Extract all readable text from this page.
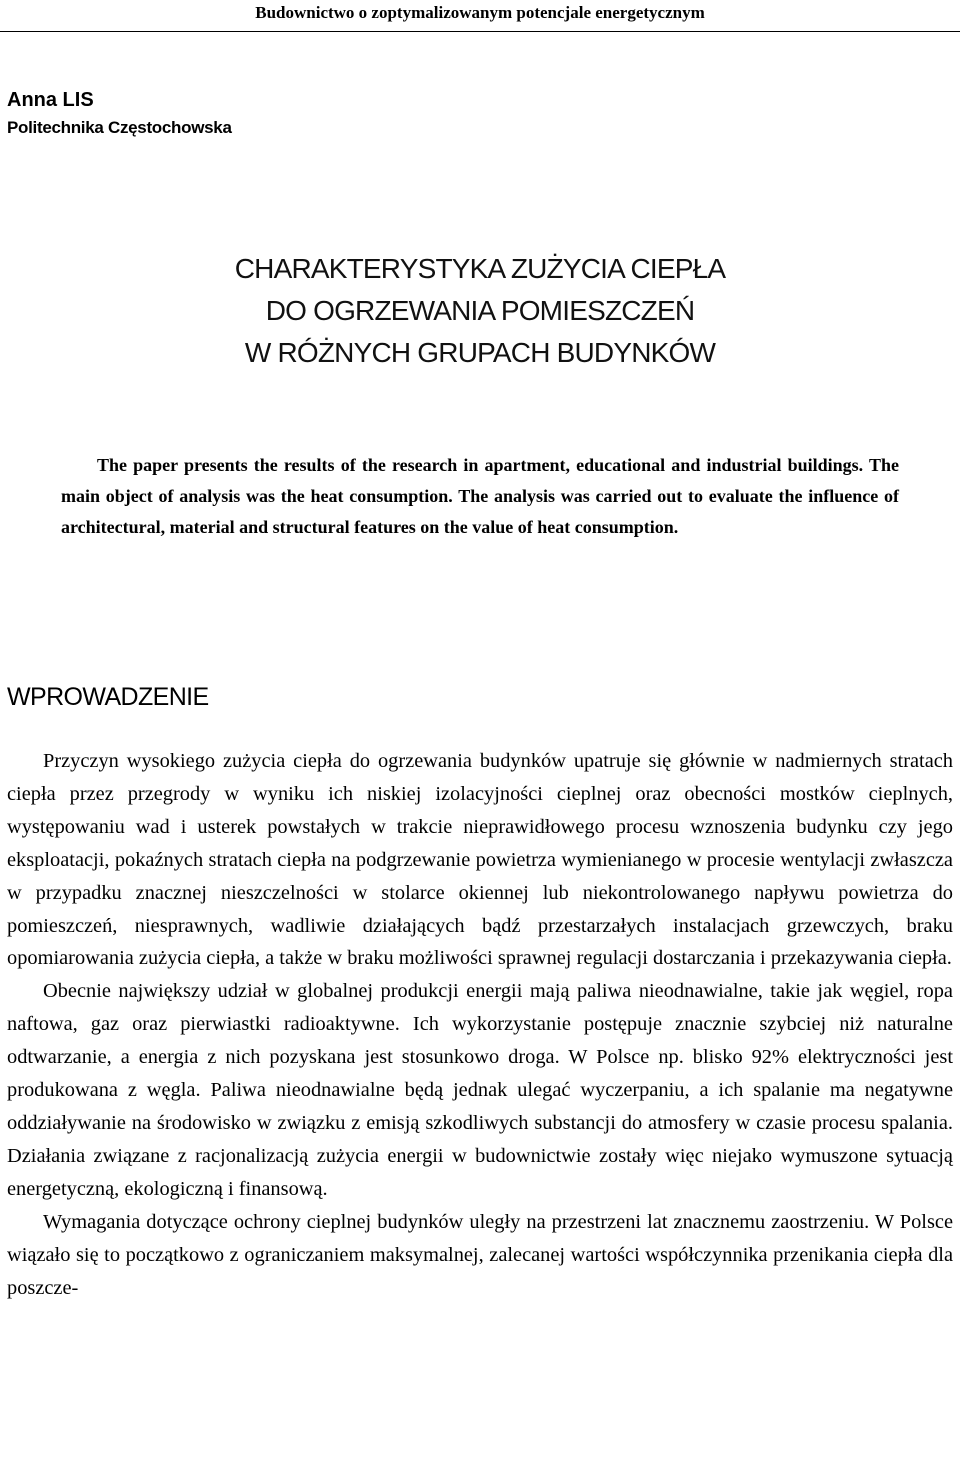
Budownictwo o zoptymalizowanym potencjale energetycznym
Anna LIS
Politechnika Częstochowska
CHARAKTERYSTYKA ZUŻYCIA CIEPŁA
DO OGRZEWANIA POMIESZCZEŃ
W RÓŻNYCH GRUPACH BUDYNKÓW
The paper presents the results of the research in apartment, educational and industrial buildings. The main object of analysis was the heat consumption. The analysis was carried out to evaluate the influence of architectural, material and structural features on the value of heat consumption.
WPROWADZENIE

Przyczyn wysokiego zużycia ciepła do ogrzewania budynków upatruje się głównie w nadmiernych stratach ciepła przez przegrody w wyniku ich niskiej izolacyjności cieplnej oraz obecności mostków cieplnych, występowaniu wad i usterek powstałych w trakcie nieprawidłowego procesu wznoszenia budynku czy jego eksploatacji, pokaźnych stratach ciepła na podgrzewanie powietrza wymienianego w procesie wentylacji zwłaszcza w przypadku znacznej nieszczelności w stolarce okiennej lub niekontrolowanego napływu powietrza do pomieszczeń, niesprawnych, wadliwie działających bądź przestarzałych instalacjach grzewczych, braku opomiarowania zużycia ciepła, a także w braku możliwości sprawnej regulacji dostarczania i przekazywania ciepła.

Obecnie największy udział w globalnej produkcji energii mają paliwa nieodnawialne, takie jak węgiel, ropa naftowa, gaz oraz pierwiastki radioaktywne. Ich wykorzystanie postępuje znacznie szybciej niż naturalne odtwarzanie, a energia z nich pozyskana jest stosunkowo droga. W Polsce np. blisko 92% elektryczności jest produkowana z węgla. Paliwa nieodnawialne będą jednak ulegać wyczerpaniu, a ich spalanie ma negatywne oddziaływanie na środowisko w związku z emisją szkodliwych substancji do atmosfery w czasie procesu spalania. Działania związane z racjonalizacją zużycia energii w budownictwie zostały więc niejako wymuszone sytuacją energetyczną, ekologiczną i finansową.

Wymagania dotyczące ochrony cieplnej budynków uległy na przestrzeni lat znacznemu zaostrzeniu. W Polsce wiązało się to początkowo z ograniczaniem maksymalnej, zalecanej wartości współczynnika przenikania ciepła dla poszcze-
